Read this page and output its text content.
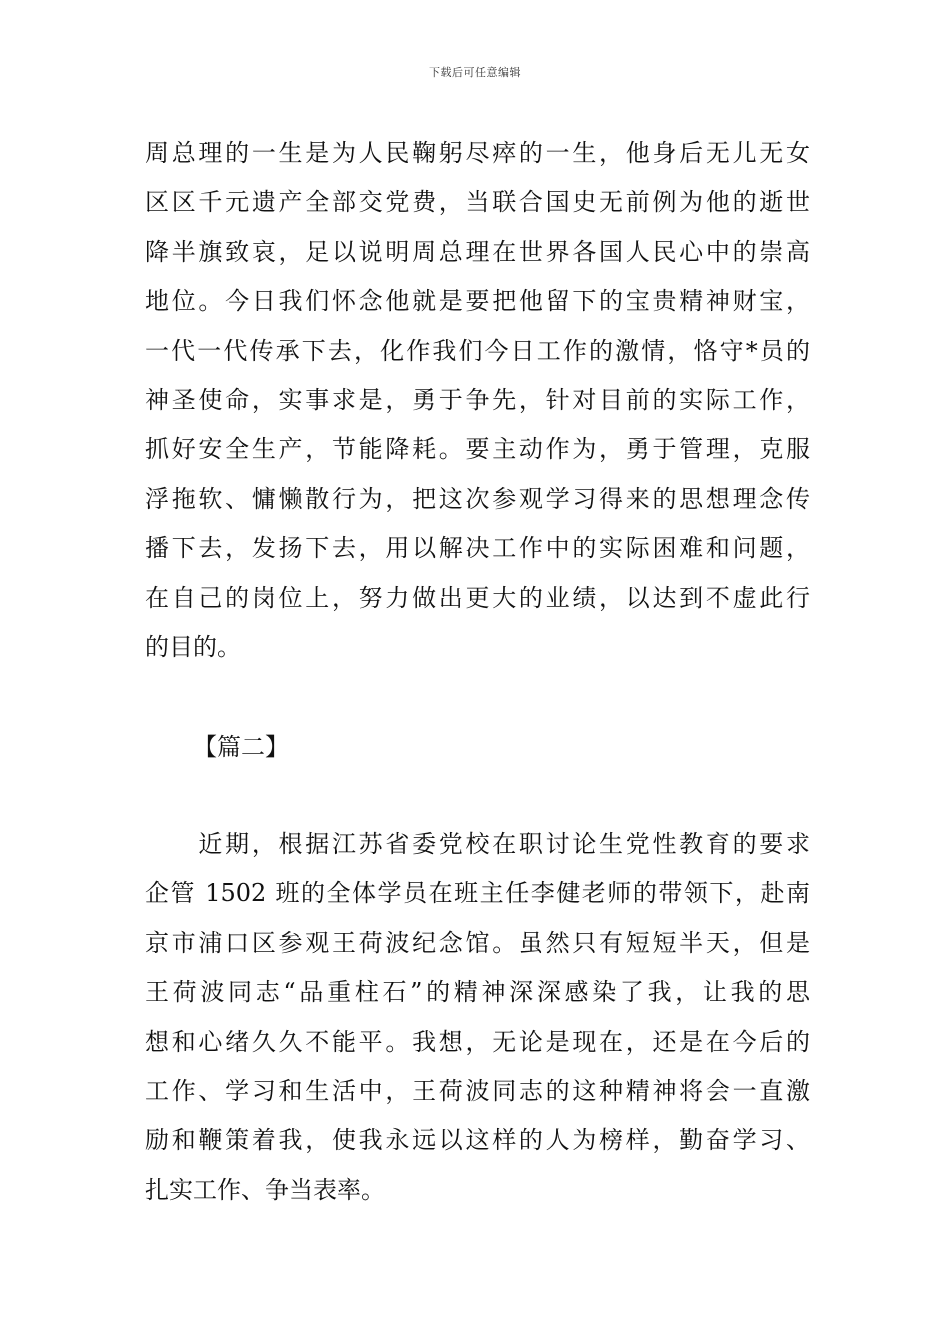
下载后可任意编辑
周总理的一生是为人民鞠躬尽瘁的一生，他身后无儿无女
区区千元遗产全部交党费，当联合国史无前例为他的逝世
降半旗致哀，足以说明周总理在世界各国人民心中的崇高
地位。今日我们怀念他就是要把他留下的宝贵精神财宝，
一代一代传承下去，化作我们今日工作的激情，恪守*员的
神圣使命，实事求是，勇于争先，针对目前的实际工作，
抓好安全生产，节能降耗。要主动作为，勇于管理，克服
浮拖软、慵懒散行为，把这次参观学习得来的思想理念传
播下去，发扬下去，用以解决工作中的实际困难和问题，
在自己的岗位上，努力做出更大的业绩，以达到不虚此行
的目的。
【篇二】
　　近期，根据江苏省委党校在职讨论生党性教育的要求
企管 1502 班的全体学员在班主任李健老师的带领下，赴南
京市浦口区参观王荷波纪念馆。虽然只有短短半天，但是
王荷波同志“品重柱石”的精神深深感染了我，让我的思
想和心绪久久不能平。我想，无论是现在，还是在今后的
工作、学习和生活中，王荷波同志的这种精神将会一直激
励和鞭策着我，使我永远以这样的人为榜样，勤奋学习、
扎实工作、争当表率。
